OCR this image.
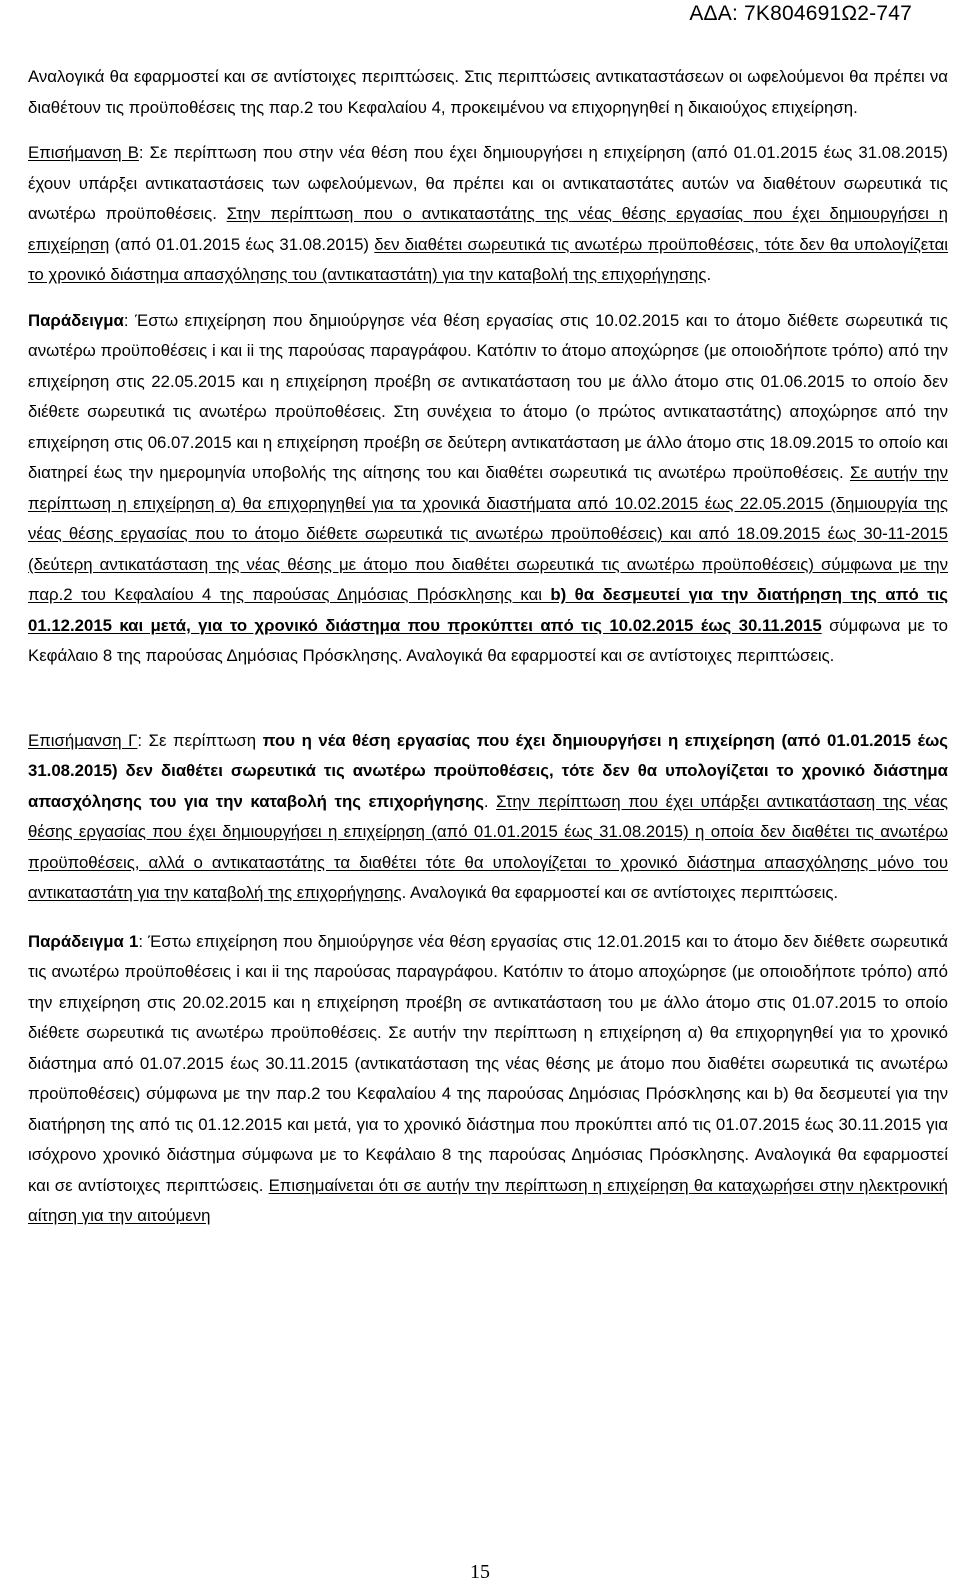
ΑΔΑ: 7Κ804691Ω2-747

Αναλογικά θα εφαρμοστεί και σε αντίστοιχες περιπτώσεις. Στις περιπτώσεις αντικαταστάσεων οι ωφελούμενοι θα πρέπει να διαθέτουν τις προϋποθέσεις της παρ.2 του Κεφαλαίου 4, προκειμένου να επιχορηγηθεί η δικαιούχος επιχείρηση.

Επισήμανση Β: Σε περίπτωση που στην νέα θέση που έχει δημιουργήσει η επιχείρηση (από 01.01.2015 έως 31.08.2015) έχουν υπάρξει αντικαταστάσεις των ωφελούμενων, θα πρέπει και οι αντικαταστάτες αυτών να διαθέτουν σωρευτικά τις ανωτέρω προϋποθέσεις. Στην περίπτωση που ο αντικαταστάτης της νέας θέσης εργασίας που έχει δημιουργήσει η επιχείρηση (από 01.01.2015 έως 31.08.2015) δεν διαθέτει σωρευτικά τις ανωτέρω προϋποθέσεις, τότε δεν θα υπολογίζεται το χρονικό διάστημα απασχόλησης του (αντικαταστάτη) για την καταβολή της επιχορήγησης.

Παράδειγμα: Έστω επιχείρηση που δημιούργησε νέα θέση εργασίας στις 10.02.2015 και το άτομο διέθετε σωρευτικά τις ανωτέρω προϋποθέσεις i και ii της παρούσας παραγράφου. Κατόπιν το άτομο αποχώρησε (με οποιοδήποτε τρόπο) από την επιχείρηση στις 22.05.2015 και η επιχείρηση προέβη σε αντικατάσταση του με άλλο άτομο στις 01.06.2015 το οποίο δεν διέθετε σωρευτικά τις ανωτέρω προϋποθέσεις. Στη συνέχεια το άτομο (ο πρώτος αντικαταστάτης) αποχώρησε από την επιχείρηση στις 06.07.2015 και η επιχείρηση προέβη σε δεύτερη αντικατάσταση με άλλο άτομο στις 18.09.2015 το οποίο και διατηρεί έως την ημερομηνία υποβολής της αίτησης του και διαθέτει σωρευτικά τις ανωτέρω προϋποθέσεις. Σε αυτήν την περίπτωση η επιχείρηση α) θα επιχορηγηθεί για τα χρονικά διαστήματα από 10.02.2015 έως 22.05.2015 (δημιουργία της νέας θέσης εργασίας που το άτομο διέθετε σωρευτικά τις ανωτέρω προϋποθέσεις) και από 18.09.2015 έως 30-11-2015 (δεύτερη αντικατάσταση της νέας θέσης με άτομο που διαθέτει σωρευτικά τις ανωτέρω προϋποθέσεις) σύμφωνα με την παρ.2 του Κεφαλαίου 4 της παρούσας Δημόσιας Πρόσκλησης και b) θα δεσμευτεί για την διατήρηση της από τις 01.12.2015 και μετά, για το χρονικό διάστημα που προκύπτει από τις 10.02.2015 έως 30.11.2015 σύμφωνα με το Κεφάλαιο 8 της παρούσας Δημόσιας Πρόσκλησης. Αναλογικά θα εφαρμοστεί και σε αντίστοιχες περιπτώσεις.

Επισήμανση Γ: Σε περίπτωση που η νέα θέση εργασίας που έχει δημιουργήσει η επιχείρηση (από 01.01.2015 έως 31.08.2015) δεν διαθέτει σωρευτικά τις ανωτέρω προϋποθέσεις, τότε δεν θα υπολογίζεται το χρονικό διάστημα απασχόλησης του για την καταβολή της επιχορήγησης. Στην περίπτωση που έχει υπάρξει αντικατάσταση της νέας θέσης εργασίας που έχει δημιουργήσει η επιχείρηση (από 01.01.2015 έως 31.08.2015) η οποία δεν διαθέτει τις ανωτέρω προϋποθέσεις, αλλά ο αντικαταστάτης τα διαθέτει τότε θα υπολογίζεται το χρονικό διάστημα απασχόλησης μόνο του αντικαταστάτη για την καταβολή της επιχορήγησης. Αναλογικά θα εφαρμοστεί και σε αντίστοιχες περιπτώσεις.

Παράδειγμα 1: Έστω επιχείρηση που δημιούργησε νέα θέση εργασίας στις 12.01.2015 και το άτομο δεν διέθετε σωρευτικά τις ανωτέρω προϋποθέσεις i και ii της παρούσας παραγράφου. Κατόπιν το άτομο αποχώρησε (με οποιοδήποτε τρόπο) από την επιχείρηση στις 20.02.2015 και η επιχείρηση προέβη σε αντικατάσταση του με άλλο άτομο στις 01.07.2015 το οποίο διέθετε σωρευτικά τις ανωτέρω προϋποθέσεις. Σε αυτήν την περίπτωση η επιχείρηση α) θα επιχορηγηθεί για το χρονικό διάστημα από 01.07.2015 έως 30.11.2015 (αντικατάσταση της νέας θέσης με άτομο που διαθέτει σωρευτικά τις ανωτέρω προϋποθέσεις) σύμφωνα με την παρ.2 του Κεφαλαίου 4 της παρούσας Δημόσιας Πρόσκλησης και b) θα δεσμευτεί για την διατήρηση της από τις 01.12.2015 και μετά, για το χρονικό διάστημα που προκύπτει από τις 01.07.2015 έως 30.11.2015 για ισόχρονο χρονικό διάστημα σύμφωνα με το Κεφάλαιο 8 της παρούσας Δημόσιας Πρόσκλησης. Αναλογικά θα εφαρμοστεί και σε αντίστοιχες περιπτώσεις. Επισημαίνεται ότι σε αυτήν την περίπτωση η επιχείρηση θα καταχωρήσει στην ηλεκτρονική αίτηση για την αιτούμενη

15
